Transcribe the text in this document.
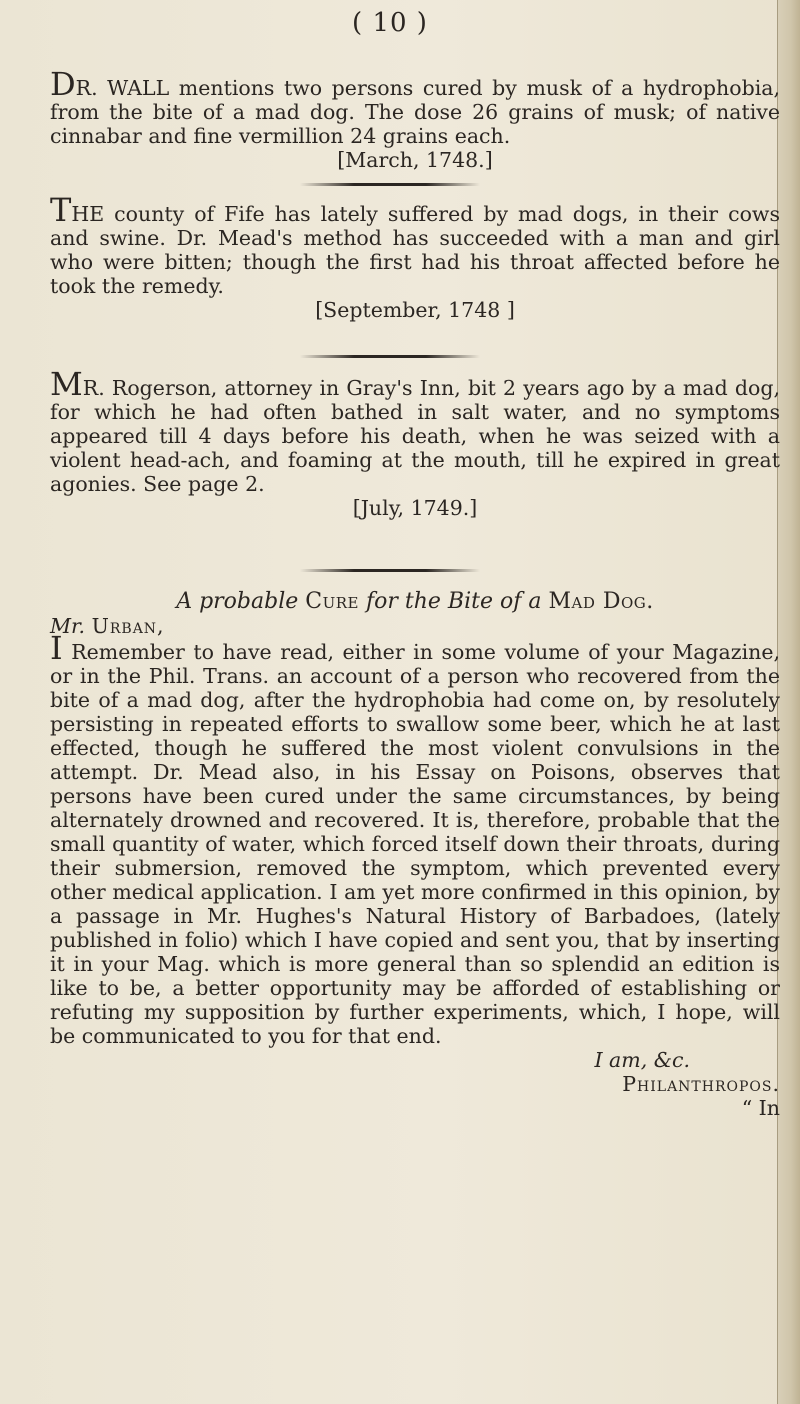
( 10 )

DR. WALL mentions two persons cured by musk of a hydrophobia, from the bite of a mad dog. The dose 26 grains of musk; of native cinnabar and fine vermillion 24 grains each.

[March, 1748.]

THE county of Fife has lately suffered by mad dogs, in their cows and swine. Dr. Mead's method has succeeded with a man and girl who were bitten; though the first had his throat affected before he took the remedy.

[September, 1748 ]

MR. Rogerson, attorney in Gray's Inn, bit 2 years ago by a mad dog, for which he had often bathed in salt water, and no symptoms appeared till 4 days before his death, when he was seized with a violent head-ach, and foaming at the mouth, till he expired in great agonies. See page 2.

[July, 1749.]

A probable Cure for the Bite of a Mad Dog.

Mr. Urban,

I Remember to have read, either in some volume of your Magazine, or in the Phil. Trans. an account of a person who recovered from the bite of a mad dog, after the hydrophobia had come on, by resolutely persisting in repeated efforts to swallow some beer, which he at last effected, though he suffered the most violent convulsions in the attempt. Dr. Mead also, in his Essay on Poisons, observes that persons have been cured under the same circumstances, by being alternately drowned and recovered. It is, therefore, probable that the small quantity of water, which forced itself down their throats, during their submersion, removed the symptom, which prevented every other medical application. I am yet more confirmed in this opinion, by a passage in Mr. Hughes's Natural History of Barbadoes, (lately published in folio) which I have copied and sent you, that by inserting it in your Mag. which is more general than so splendid an edition is like to be, a better opportunity may be afforded of establishing or refuting my supposition by further experiments, which, I hope, will be communicated to you for that end.

I am, &c.

Philanthropos.

“ In
